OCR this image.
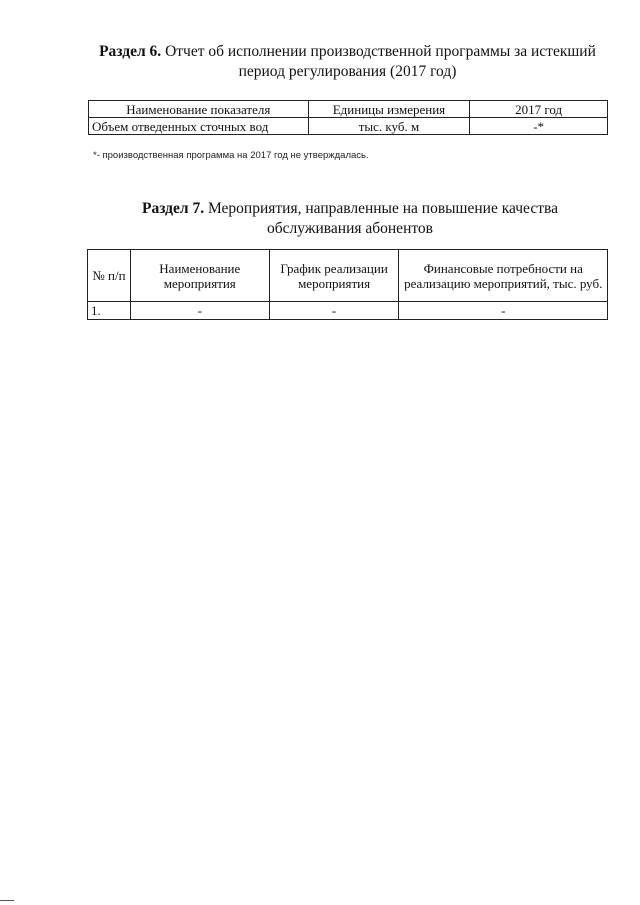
Раздел 6. Отчет об исполнении производственной программы за истекший период регулирования (2017 год)
Наименование показателя	Единицы измерения	2017 год
Объем отведенных сточных вод	тыс. куб. м	-*
*- производственная программа на 2017 год не утверждалась.
Раздел 7. Мероприятия, направленные на повышение качества обслуживания абонентов
№ п/п	Наименование мероприятия	График реализации мероприятия	Финансовые потребности на реализацию мероприятий, тыс. руб.
1.	-	-	-
